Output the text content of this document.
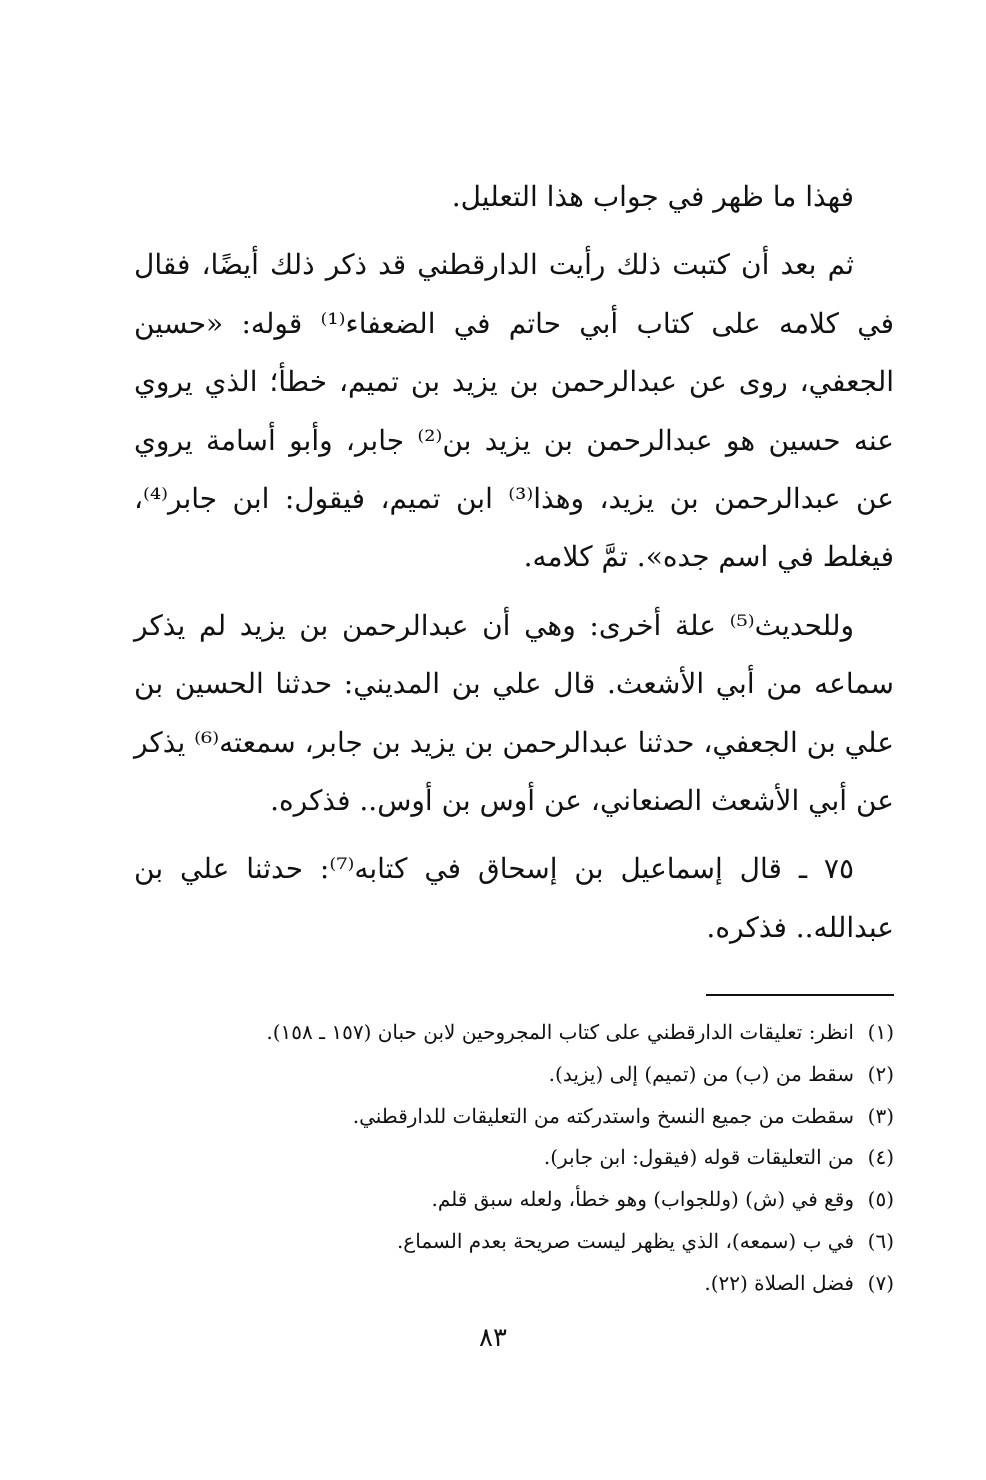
فهذا ما ظهر في جواب هذا التعليل.

ثم بعد أن كتبت ذلك رأيت الدارقطني قد ذكر ذلك أيضًا، فقال في كلامه على كتاب أبي حاتم في الضعفاء⁽¹⁾ قوله: «حسين الجعفي، روى عن عبدالرحمن بن يزيد بن تميم، خطأ؛ الذي يروي عنه حسين هو عبدالرحمن بن يزيد بن⁽²⁾ جابر، وأبو أسامة يروي عن عبدالرحمن بن يزيد، وهذا⁽³⁾ ابن تميم، فيقول: ابن جابر⁽⁴⁾، فيغلط في اسم جده». تمَّ كلامه.

وللحديث⁽⁵⁾ علة أخرى: وهي أن عبدالرحمن بن يزيد لم يذكر سماعه من أبي الأشعث. قال علي بن المديني: حدثنا الحسين بن علي بن الجعفي، حدثنا عبدالرحمن بن يزيد بن جابر، سمعته⁽⁶⁾ يذكر عن أبي الأشعث الصنعاني، عن أوس بن أوس.. فذكره.

٧٥ ـ قال إسماعيل بن إسحاق في كتابه⁽⁷⁾: حدثنا علي بن عبدالله.. فذكره.

(١)انظر: تعليقات الدارقطني على كتاب المجروحين لابن حبان (١٥٧ ـ ١٥٨).
(٢)سقط من (ب) من (تميم) إلى (يزيد).
(٣)سقطت من جميع النسخ واستدركته من التعليقات للدارقطني.
(٤)من التعليقات قوله (فيقول: ابن جابر).
(٥)وقع في (ش) (وللجواب) وهو خطأ، ولعله سبق قلم.
(٦)في ب (سمعه)، الذي يظهر ليست صريحة بعدم السماع.
(٧)فضل الصلاة (٢٢).
٨٣
